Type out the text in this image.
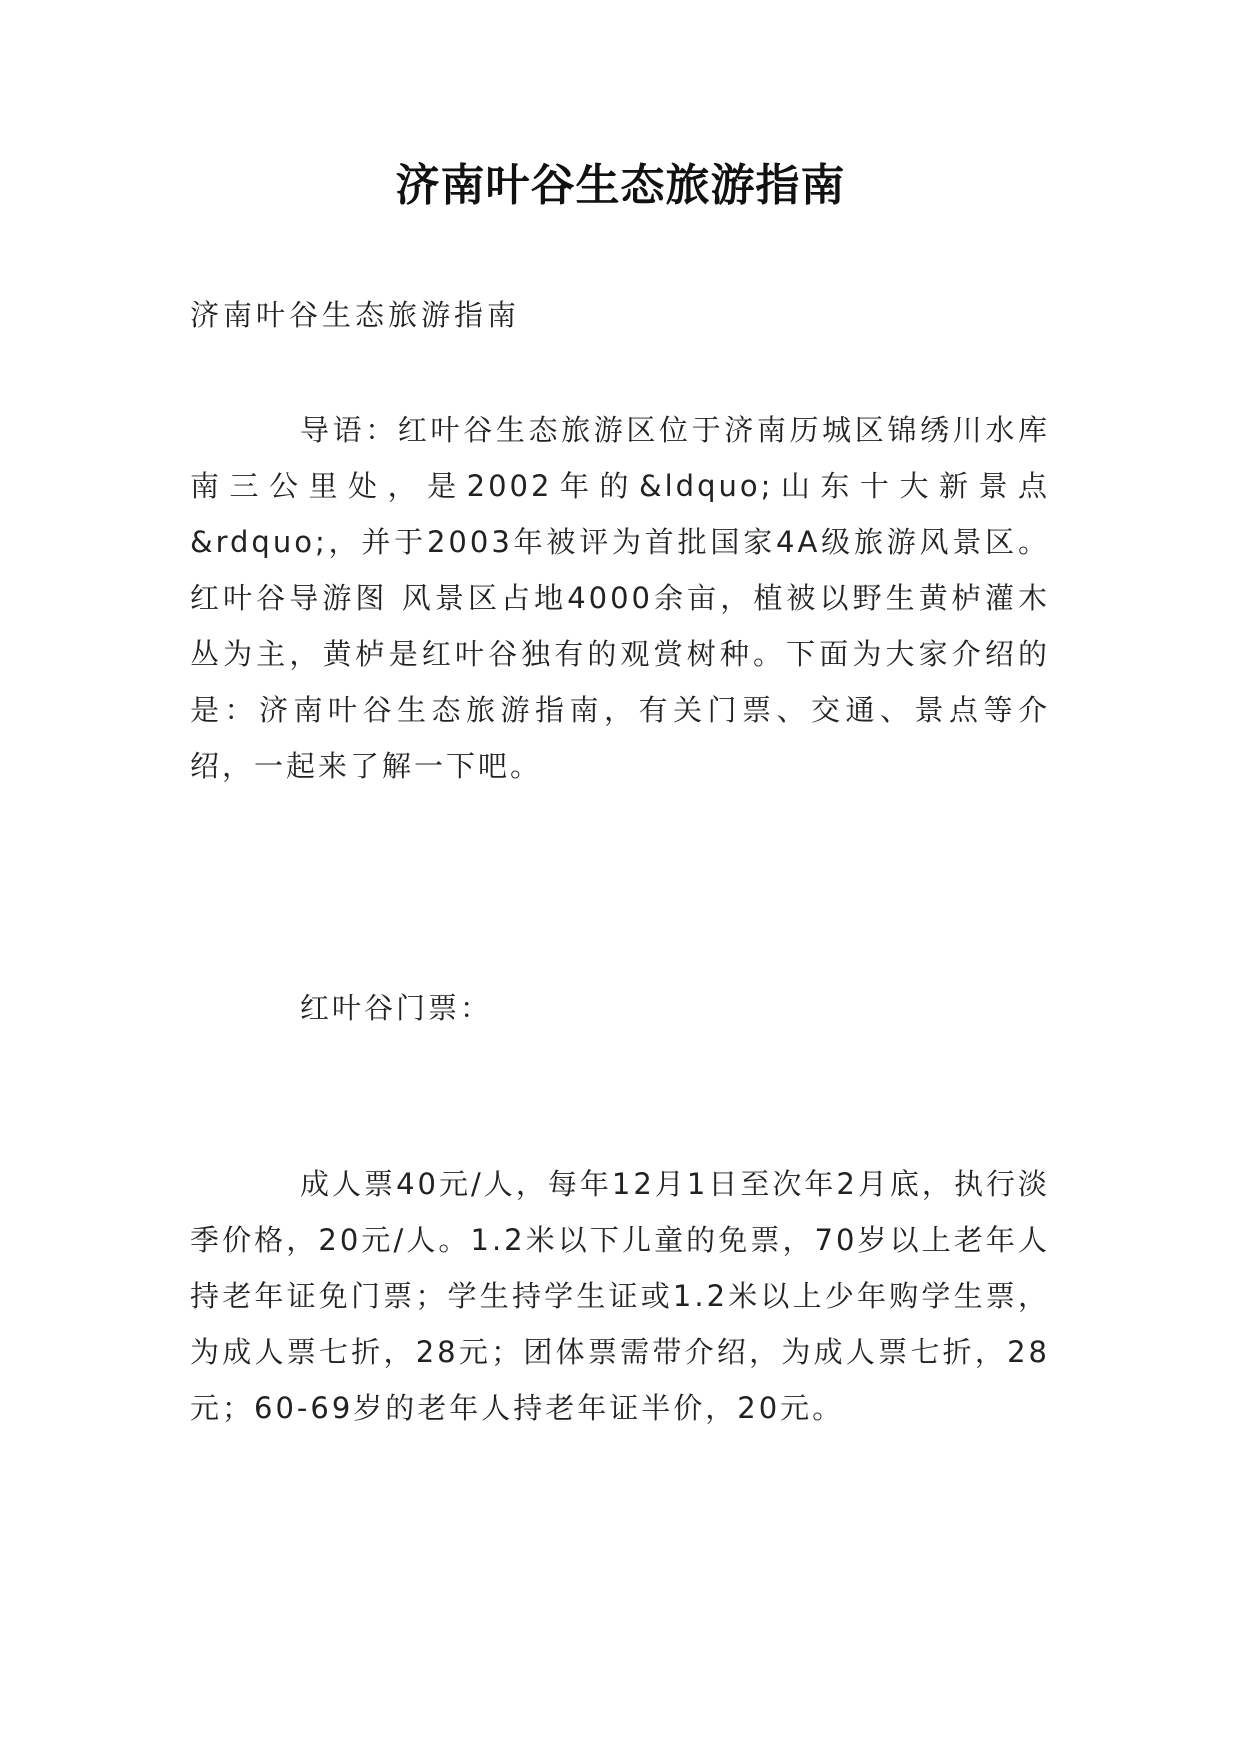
济南叶谷生态旅游指南
济南叶谷生态旅游指南

导语：红叶谷生态旅游区位于济南历城区锦绣川水库南三公里处，是2002年的&ldquo;山东十大新景点&rdquo;，并于2003年被评为首批国家4A级旅游风景区。红叶谷导游图 风景区占地4000余亩，植被以野生黄栌灌木丛为主，黄栌是红叶谷独有的观赏树种。下面为大家介绍的是：济南叶谷生态旅游指南，有关门票、交通、景点等介绍，一起来了解一下吧。

红叶谷门票：

成人票40元/人，每年12月1日至次年2月底，执行淡季价格，20元/人。1.2米以下儿童的免票，70岁以上老年人持老年证免门票；学生持学生证或1.2米以上少年购学生票，为成人票七折，28元；团体票需带介绍，为成人票七折，28元；60-69岁的老年人持老年证半价，20元。
